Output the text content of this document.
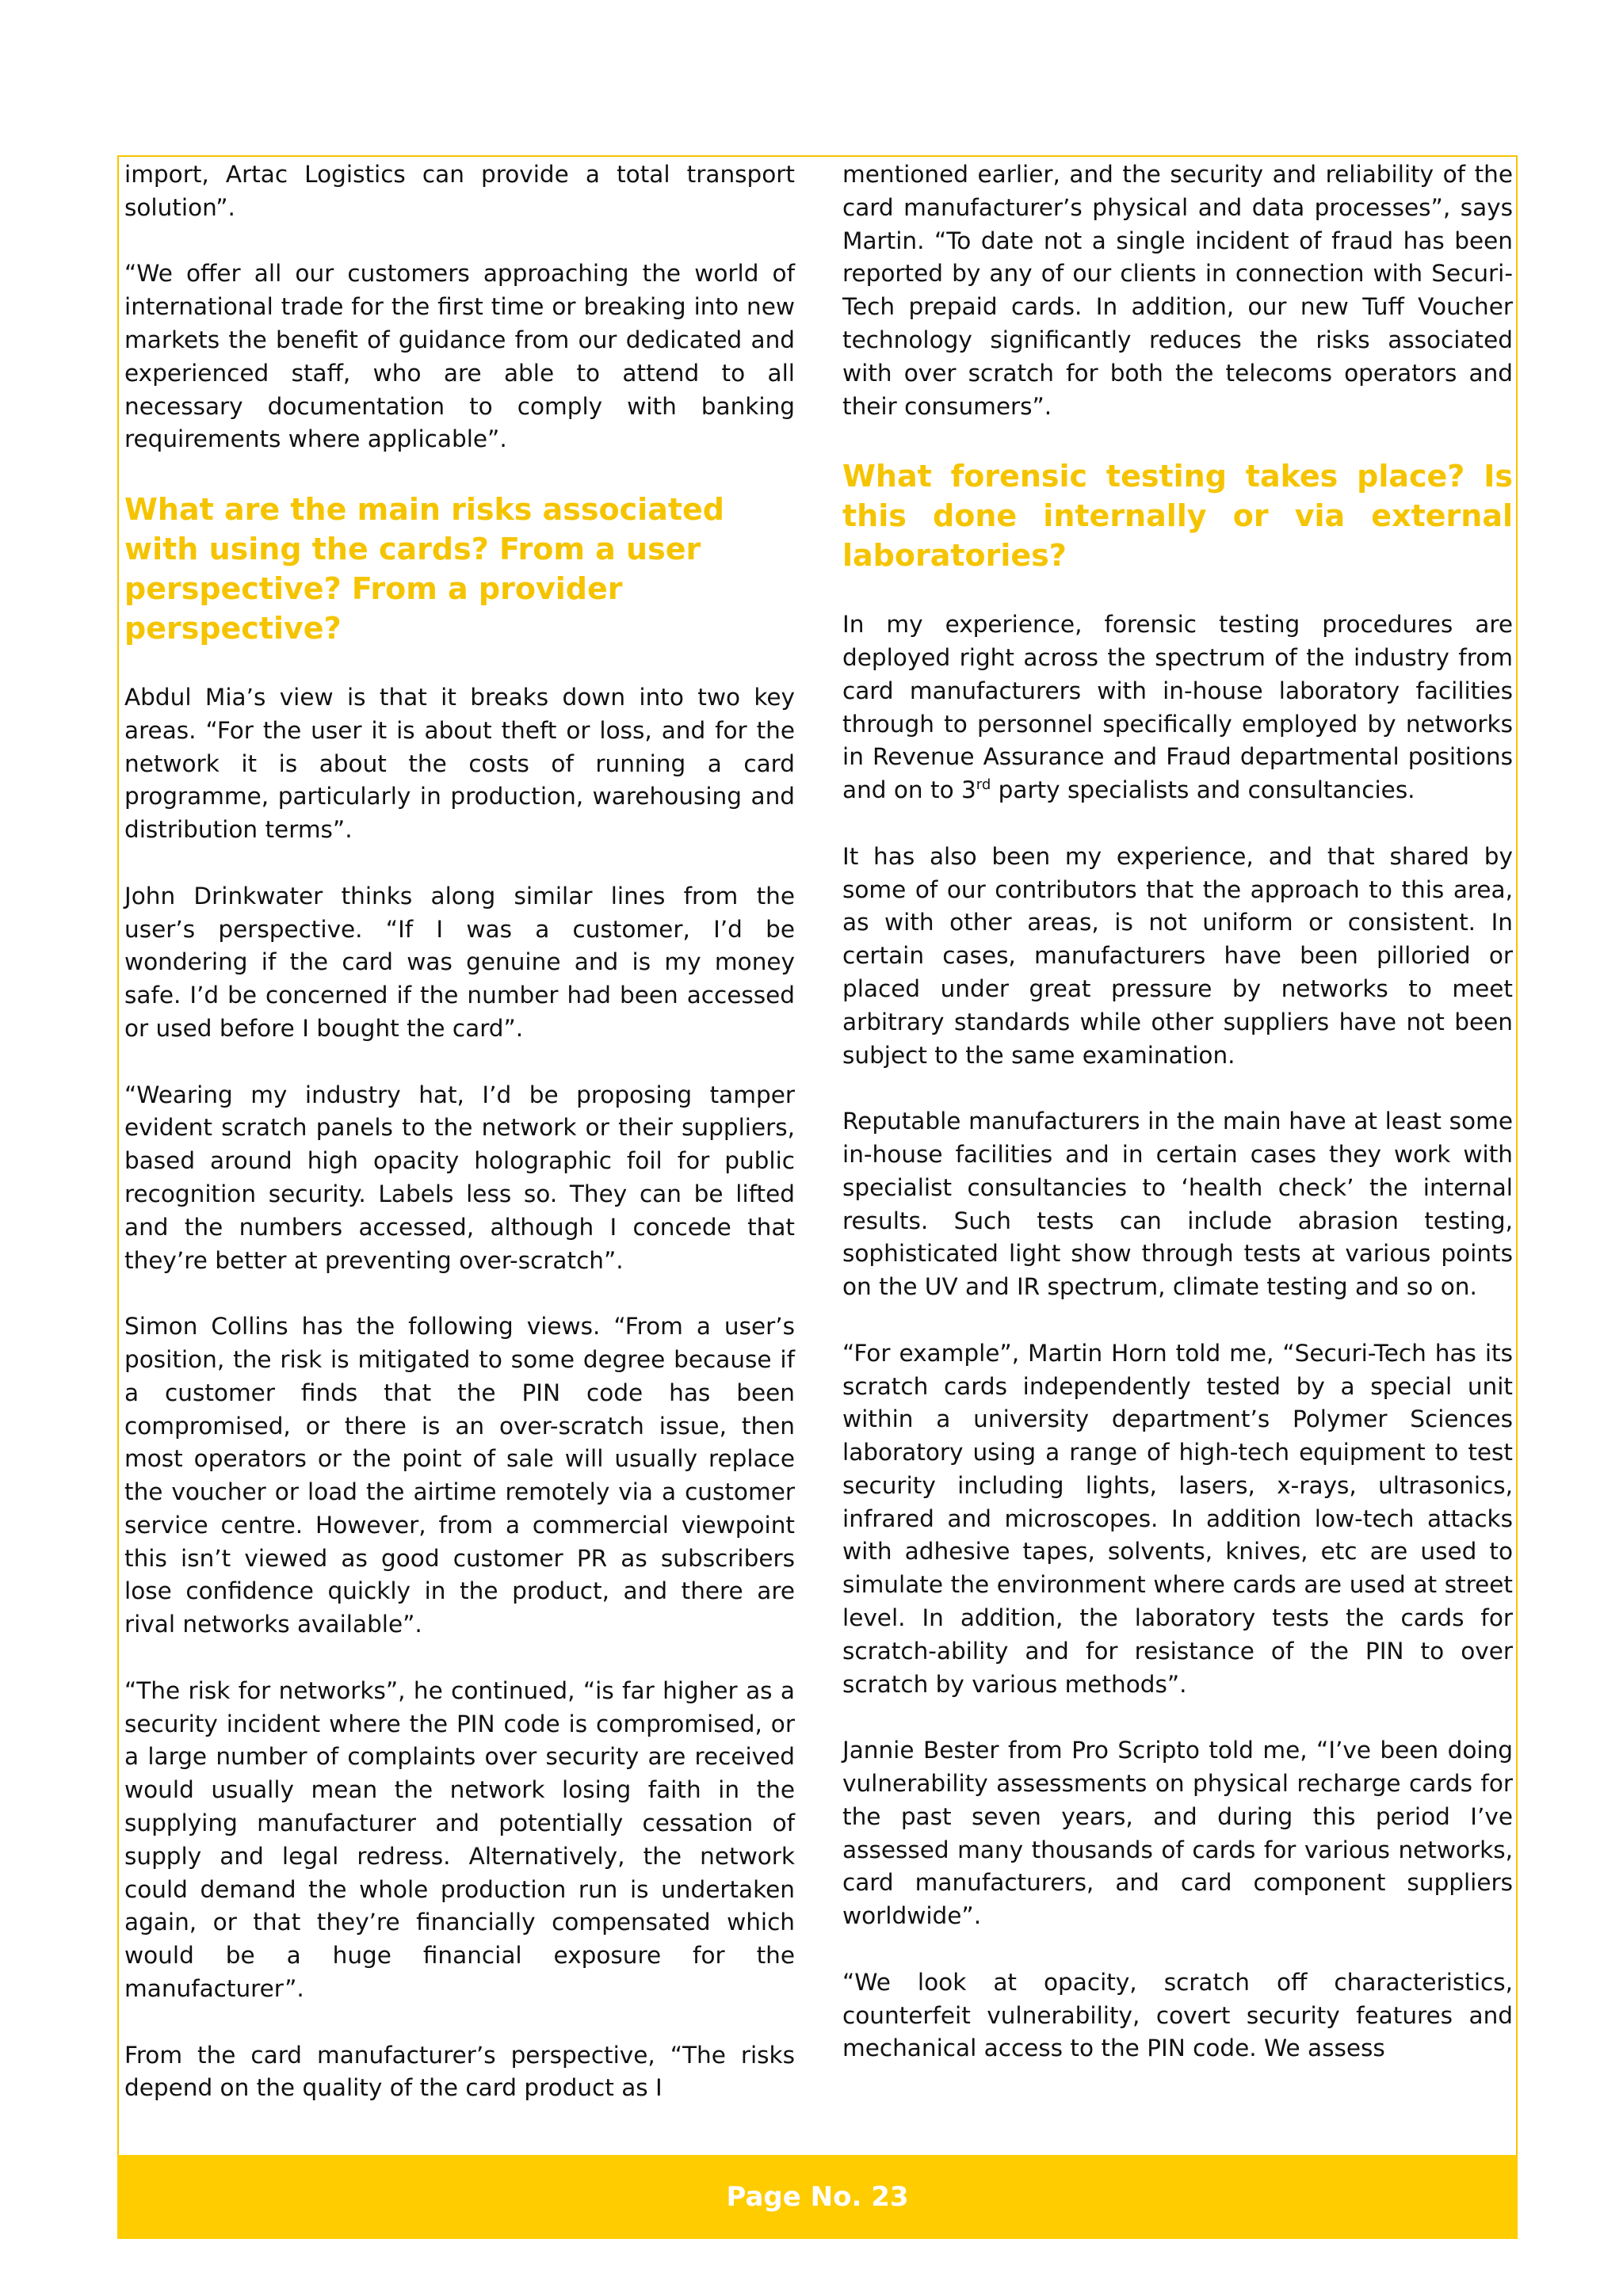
import, Artac Logistics can provide a total transport solution”.

“We offer all our customers approaching the world of international trade for the first time or breaking into new markets the benefit of guidance from our dedicated and experienced staff, who are able to attend to all necessary documentation to comply with banking requirements where applicable”.

What are the main risks associated with using the cards? From a user perspective? From a provider perspective?

Abdul Mia’s view is that it breaks down into two key areas. “For the user it is about theft or loss, and for the network it is about the costs of running a card programme, particularly in production, warehousing and distribution terms”.

John Drinkwater thinks along similar lines from the user’s perspective. “If I was a customer, I’d be wondering if the card was genuine and is my money safe. I’d be concerned if the number had been accessed or used before I bought the card”.

“Wearing my industry hat, I’d be proposing tamper evident scratch panels to the network or their suppliers, based around high opacity holographic foil for public recognition security. Labels less so. They can be lifted and the numbers accessed, although I concede that they’re better at preventing over-scratch”.

Simon Collins has the following views. “From a user’s position, the risk is mitigated to some degree because if a customer finds that the PIN code has been compromised, or there is an over-scratch issue, then most operators or the point of sale will usually replace the voucher or load the airtime remotely via a customer service centre. However, from a commercial viewpoint this isn’t viewed as good customer PR as subscribers lose confidence quickly in the product, and there are rival networks available”.

“The risk for networks”, he continued, “is far higher as a security incident where the PIN code is compromised, or a large number of complaints over security are received would usually mean the network losing faith in the supplying manufacturer and potentially cessation of supply and legal redress. Alternatively, the network could demand the whole production run is undertaken again, or that they’re financially compensated which would be a huge financial exposure for the manufacturer”.

From the card manufacturer’s perspective, “The risks depend on the quality of the card product as I

mentioned earlier, and the security and reliability of the card manufacturer’s physical and data processes”, says Martin. “To date not a single incident of fraud has been reported by any of our clients in connection with Securi-Tech prepaid cards. In addition, our new Tuff Voucher technology significantly reduces the risks associated with over scratch for both the telecoms operators and their consumers”.

What forensic testing takes place? Is this done internally or via external laboratories?

In my experience, forensic testing procedures are deployed right across the spectrum of the industry from card manufacturers with in-house laboratory facilities through to personnel specifically employed by networks in Revenue Assurance and Fraud departmental positions and on to 3rd party specialists and consultancies.

It has also been my experience, and that shared by some of our contributors that the approach to this area, as with other areas, is not uniform or consistent. In certain cases, manufacturers have been pilloried or placed under great pressure by networks to meet arbitrary standards while other suppliers have not been subject to the same examination.

Reputable manufacturers in the main have at least some in-house facilities and in certain cases they work with specialist consultancies to ‘health check’ the internal results. Such tests can include abrasion testing, sophisticated light show through tests at various points on the UV and IR spectrum, climate testing and so on.

“For example”, Martin Horn told me, “Securi-Tech has its scratch cards independently tested by a special unit within a university department’s Polymer Sciences laboratory using a range of high-tech equipment to test security including lights, lasers, x-rays, ultrasonics, infrared and microscopes. In addition low-tech attacks with adhesive tapes, solvents, knives, etc are used to simulate the environment where cards are used at street level. In addition, the laboratory tests the cards for scratch-ability and for resistance of the PIN to over scratch by various methods”.

Jannie Bester from Pro Scripto told me, “I’ve been doing vulnerability assessments on physical recharge cards for the past seven years, and during this period I’ve assessed many thousands of cards for various networks, card manufacturers, and card component suppliers worldwide”.

“We look at opacity, scratch off characteristics, counterfeit vulnerability, covert security features and mechanical access to the PIN code. We assess

Page No. 23
